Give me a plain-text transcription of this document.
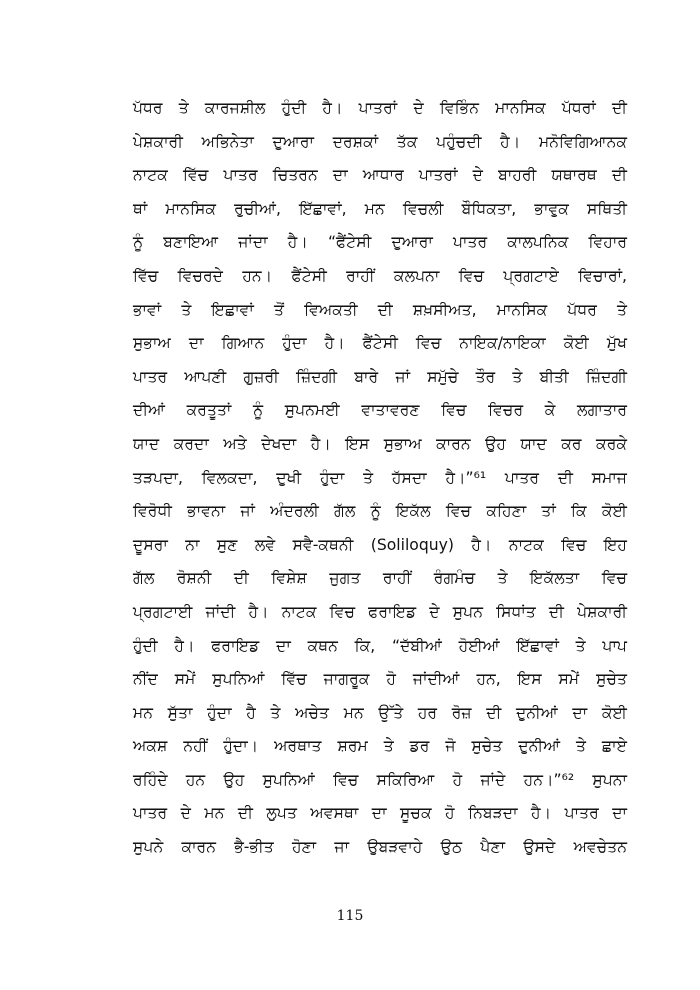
ਪੱਧਰ ਤੇ ਕਾਰਜਸ਼ੀਲ ਹੁੰਦੀ ਹੈ। ਪਾਤਰਾਂ ਦੇ ਵਿਭਿੰਨ ਮਾਨਸਿਕ ਪੱਧਰਾਂ ਦੀ
ਪੇਸ਼ਕਾਰੀ ਅਭਿਨੇਤਾ ਦੁਆਰਾ ਦਰਸ਼ਕਾਂ ਤੱਕ ਪਹੁੰਚਦੀ ਹੈ। ਮਨੋਵਿਗਿਆਨਕ
ਨਾਟਕ ਵਿੱਚ ਪਾਤਰ ਚਿਤਰਨ ਦਾ ਆਧਾਰ ਪਾਤਰਾਂ ਦੇ ਬਾਹਰੀ ਯਥਾਰਥ ਦੀ
ਥਾਂ ਮਾਨਸਿਕ ਰੁਚੀਆਂ, ਇੱਛਾਵਾਂ, ਮਨ ਵਿਚਲੀ ਬੌਧਿਕਤਾ, ਭਾਵੁਕ ਸਥਿਤੀ
ਨੂੰ ਬਣਾਇਆ ਜਾਂਦਾ ਹੈ। “ਫੈਂਟੇਸੀ ਦੁਆਰਾ ਪਾਤਰ ਕਾਲਪਨਿਕ ਵਿਹਾਰ
ਵਿੱਚ ਵਿਚਰਦੇ ਹਨ। ਫੈਂਟੇਸੀ ਰਾਹੀਂ ਕਲਪਨਾ ਵਿਚ ਪ੍ਰਗਟਾਏ ਵਿਚਾਰਾਂ,
ਭਾਵਾਂ ਤੇ ਇਛਾਵਾਂ ਤੋਂ ਵਿਅਕਤੀ ਦੀ ਸ਼ਖ਼ਸੀਅਤ, ਮਾਨਸਿਕ ਪੱਧਰ ਤੇ
ਸੁਭਾਅ ਦਾ ਗਿਆਨ ਹੁੰਦਾ ਹੈ। ਫੈਂਟੇਸੀ ਵਿਚ ਨਾਇਕ/ਨਾਇਕਾ ਕੋਈ ਮੁੱਖ
ਪਾਤਰ ਆਪਣੀ ਗੁਜ਼ਰੀ ਜ਼ਿੰਦਗੀ ਬਾਰੇ ਜਾਂ ਸਮੁੱਚੇ ਤੌਰ ਤੇ ਬੀਤੀ ਜ਼ਿੰਦਗੀ
ਦੀਆਂ ਕਰਤੂਤਾਂ ਨੂੰ ਸੁਪਨਮਈ ਵਾਤਾਵਰਣ ਵਿਚ ਵਿਚਰ ਕੇ ਲਗਾਤਾਰ
ਯਾਦ ਕਰਦਾ ਅਤੇ ਦੇਖਦਾ ਹੈ। ਇਸ ਸੁਭਾਅ ਕਾਰਨ ਉਹ ਯਾਦ ਕਰ ਕਰਕੇ
ਤੜਪਦਾ, ਵਿਲਕਦਾ, ਦੁਖੀ ਹੁੰਦਾ ਤੇ ਹੱਸਦਾ ਹੈ।”⁶¹ ਪਾਤਰ ਦੀ ਸਮਾਜ
ਵਿਰੋਧੀ ਭਾਵਨਾ ਜਾਂ ਅੰਦਰਲੀ ਗੱਲ ਨੂੰ ਇਕੱਲ ਵਿਚ ਕਹਿਣਾ ਤਾਂ ਕਿ ਕੋਈ
ਦੂਸਰਾ ਨਾ ਸੁਣ ਲਵੇ ਸਵੈ-ਕਥਨੀ (Soliloquy) ਹੈ। ਨਾਟਕ ਵਿਚ ਇਹ
ਗੱਲ ਰੋਸ਼ਨੀ ਦੀ ਵਿਸ਼ੇਸ਼ ਜੁਗਤ ਰਾਹੀਂ ਰੰਗਮੰਚ ਤੇ ਇਕੱਲਤਾ ਵਿਚ
ਪ੍ਰਗਟਾਈ ਜਾਂਦੀ ਹੈ। ਨਾਟਕ ਵਿਚ ਫਰਾਇਡ ਦੇ ਸੁਪਨ ਸਿਧਾਂਤ ਦੀ ਪੇਸ਼ਕਾਰੀ
ਹੁੰਦੀ ਹੈ। ਫਰਾਇਡ ਦਾ ਕਥਨ ਕਿ, “ਦੱਬੀਆਂ ਹੋਈਆਂ ਇੱਛਾਵਾਂ ਤੇ ਪਾਪ
ਨੀਂਦ ਸਮੇਂ ਸੁਪਨਿਆਂ ਵਿੱਚ ਜਾਗਰੂਕ ਹੋ ਜਾਂਦੀਆਂ ਹਨ, ਇਸ ਸਮੇਂ ਸੁਚੇਤ
ਮਨ ਸੁੱਤਾ ਹੁੰਦਾ ਹੈ ਤੇ ਅਚੇਤ ਮਨ ਉੱਤੇ ਹਰ ਰੋਜ਼ ਦੀ ਦੁਨੀਆਂ ਦਾ ਕੋਈ
ਅਕਸ਼ ਨਹੀਂ ਹੁੰਦਾ। ਅਰਥਾਤ ਸ਼ਰਮ ਤੇ ਡਰ ਜੋ ਸੁਚੇਤ ਦੁਨੀਆਂ ਤੇ ਛਾਏ
ਰਹਿੰਦੇ ਹਨ ਉਹ ਸੁਪਨਿਆਂ ਵਿਚ ਸਕਿਰਿਆ ਹੋ ਜਾਂਦੇ ਹਨ।”⁶² ਸੁਪਨਾ
ਪਾਤਰ ਦੇ ਮਨ ਦੀ ਲੁਪਤ ਅਵਸਥਾ ਦਾ ਸੂਚਕ ਹੋ ਨਿਬੜਦਾ ਹੈ। ਪਾਤਰ ਦਾ
ਸੁਪਨੇ ਕਾਰਨ ਭੈ-ਭੀਤ ਹੋਣਾ ਜਾ ਉਬੜਵਾਹੇ ਉਠ ਪੈਣਾ ਉਸਦੇ ਅਵਚੇਤਨ
115
